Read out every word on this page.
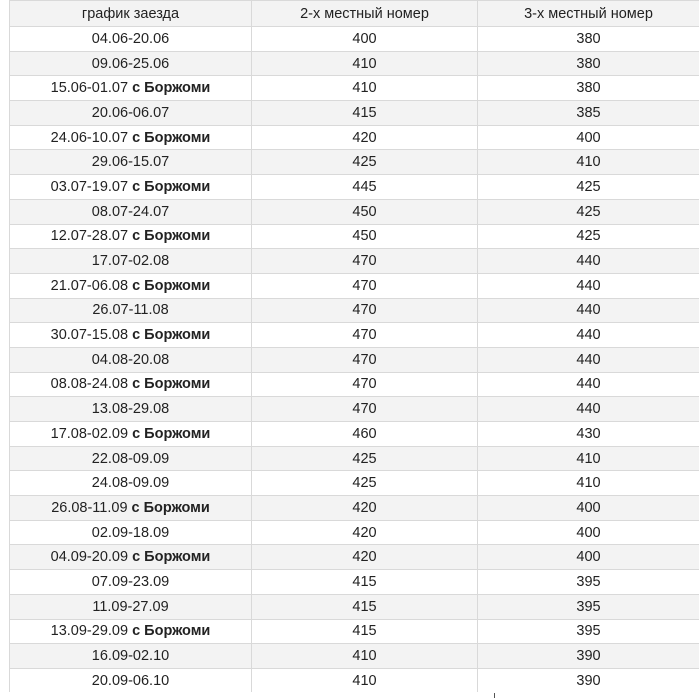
график заезда	2-х местный номер	3-х местный номер
04.06-20.06	400	380
09.06-25.06	410	380
15.06-01.07 с Боржоми	410	380
20.06-06.07	415	385
24.06-10.07 с Боржоми	420	400
29.06-15.07	425	410
03.07-19.07 с Боржоми	445	425
08.07-24.07	450	425
12.07-28.07 с Боржоми	450	425
17.07-02.08	470	440
21.07-06.08 с Боржоми	470	440
26.07-11.08	470	440
30.07-15.08 с Боржоми	470	440
04.08-20.08	470	440
08.08-24.08 с Боржоми	470	440
13.08-29.08	470	440
17.08-02.09 с Боржоми	460	430
22.08-09.09	425	410
24.08-09.09	425	410
26.08-11.09 с Боржоми	420	400
02.09-18.09	420	400
04.09-20.09 с Боржоми	420	400
07.09-23.09	415	395
11.09-27.09	415	395
13.09-29.09 с Боржоми	415	395
16.09-02.10	410	390
20.09-06.10	410	390
